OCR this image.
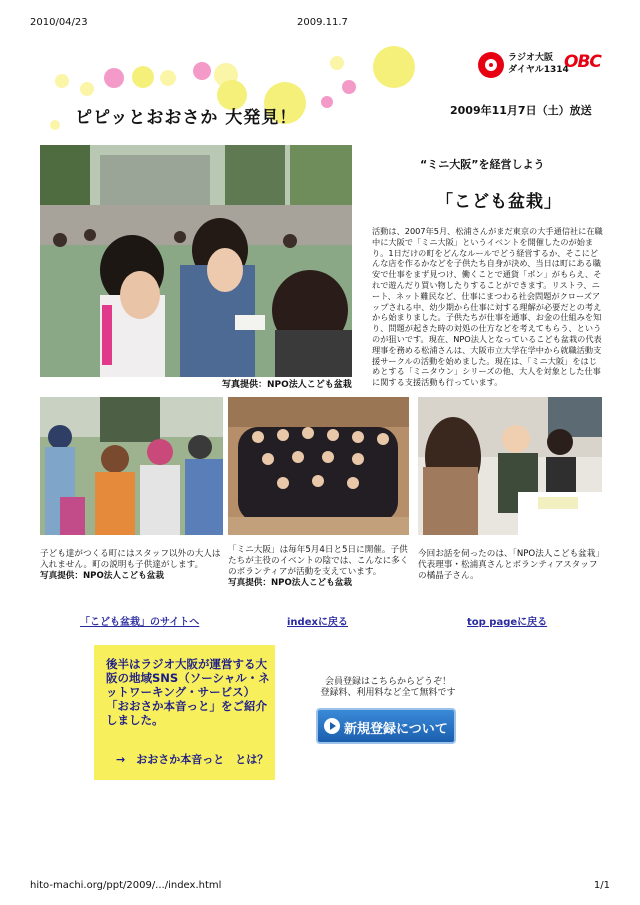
2010/04/23	2009.11.7
ピピッとおおさか 大発見！	2009年11月7日（土）放送
ラジオ大阪
ダイヤル1314
OBC
写真提供：NPO法人こども盆栽
“ミニ大阪”を経営しよう
「こども盆栽」
活動は、2007年5月、松浦さんがまだ東京の大手通信社に在職中に大阪で「ミニ大阪」というイベントを開催したのが始まり。1日だけの町をどんなルールでどう経営するか、そこにどんな店を作るかなどを子供たち自身が決め、当日は町にある職安で仕事をまず見つけ、働くことで通貨「ポン」がもらえ、それで遊んだり買い物したりすることができます。リストラ、ニート、ネット難民など、仕事にまつわる社会問題がクローズアップされる中、幼少期から仕事に対する理解が必要だとの考えから始まりました。子供たちが仕事を通事、お金の仕組みを知り、問題が起きた時の対処の仕方などを考えてもらう、というのが狙いです。現在、NPO法人となっているこども盆栽の代表理事を務める松浦さんは、大阪市立大学在学中から就職活動支援サークルの活動を始めました。現在は、「ミニ大阪」をはじめとする「ミニタウン」シリーズの他、大人を対象とした仕事に関する支援活動も行っています。
子ども達がつくる町にはスタッフ以外の大人は入れません。町の説明も子供達がします。
写真提供：NPO法人こども盆栽
「ミニ大阪」は毎年5月4日と5日に開催。子供たちが主役のイベントの陰では、こんなに多くのボランティアが活動を支えています。
写真提供：NPO法人こども盆栽
今回お話を伺ったのは、「NPO法人こども盆栽」代表理事・松浦真さんとボランティアスタッフの橘晶子さん。
「こども盆栽」のサイトへ	indexに戻る	top pageに戻る
後半はラジオ大阪が運営する大阪の地域SNS（ソーシャル・ネットワーキング・サービス）「おおさか本音っと」をご紹介しました。
→　おおさか本音っと　とは？
会員登録はこちらからどうぞ！
登録料、利用料など全て無料です
新規登録について
hito-machi.org/ppt/2009/.../index.html	1/1
